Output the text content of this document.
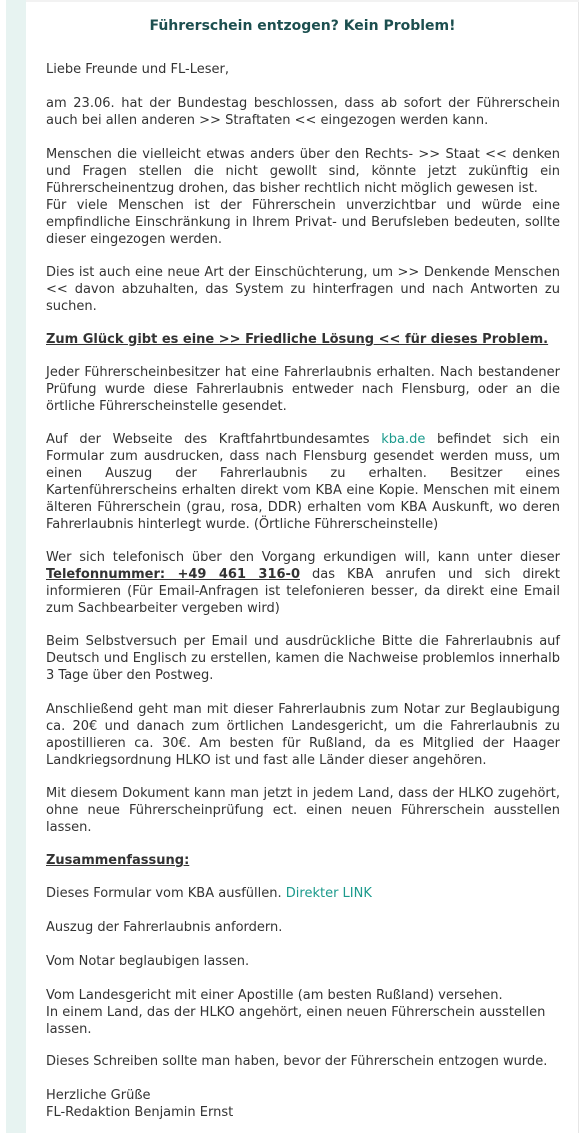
Führerschein entzogen? Kein Problem!

Liebe Freunde und FL-Leser,

am 23.06. hat der Bundestag beschlossen, dass ab sofort der Führerschein auch bei allen anderen >> Straftaten << eingezogen werden kann.

Menschen die vielleicht etwas anders über den Rechts- >> Staat << denken und Fragen stellen die nicht gewollt sind, könnte jetzt zukünftig ein Führerscheinentzug drohen, das bisher rechtlich nicht möglich gewesen ist.

Für viele Menschen ist der Führerschein unverzichtbar und würde eine empfindliche Einschränkung in Ihrem Privat- und Berufsleben bedeuten, sollte dieser eingezogen werden.

Dies ist auch eine neue Art der Einschüchterung, um >> Denkende Menschen << davon abzuhalten, das System zu hinterfragen und nach Antworten zu suchen.

Zum Glück gibt es eine >> Friedliche Lösung << für dieses Problem.

Jeder Führerscheinbesitzer hat eine Fahrerlaubnis erhalten. Nach bestandener Prüfung wurde diese Fahrerlaubnis entweder nach Flensburg, oder an die örtliche Führerscheinstelle gesendet.

Auf der Webseite des Kraftfahrtbundesamtes kba.de befindet sich ein Formular zum ausdrucken, dass nach Flensburg gesendet werden muss, um einen Auszug der Fahrerlaubnis zu erhalten. Besitzer eines Kartenführerscheins erhalten direkt vom KBA eine Kopie. Menschen mit einem älteren Führerschein (grau, rosa, DDR) erhalten vom KBA Auskunft, wo deren Fahrerlaubnis hinterlegt wurde. (Örtliche Führerscheinstelle)

Wer sich telefonisch über den Vorgang erkundigen will, kann unter dieser Telefonnummer: +49 461 316-0 das KBA anrufen und sich direkt informieren (Für Email-Anfragen ist telefonieren besser, da direkt eine Email zum Sachbearbeiter vergeben wird)

Beim Selbstversuch per Email und ausdrückliche Bitte die Fahrerlaubnis auf Deutsch und Englisch zu erstellen, kamen die Nachweise problemlos innerhalb 3 Tage über den Postweg.

Anschließend geht man mit dieser Fahrerlaubnis zum Notar zur Beglaubigung ca. 20€ und danach zum örtlichen Landesgericht, um die Fahrerlaubnis zu apostillieren ca. 30€. Am besten für Rußland, da es Mitglied der Haager Landkriegsordnung HLKO ist und fast alle Länder dieser angehören.

Mit diesem Dokument kann man jetzt in jedem Land, dass der HLKO zugehört, ohne neue Führerscheinprüfung ect. einen neuen Führerschein ausstellen lassen.

Zusammenfassung:

Dieses Formular vom KBA ausfüllen. Direkter LINK

Auszug der Fahrerlaubnis anfordern.

Vom Notar beglaubigen lassen.

Vom Landesgericht mit einer Apostille (am besten Rußland) versehen.

In einem Land, das der HLKO angehört, einen neuen Führerschein ausstellen lassen.

Dieses Schreiben sollte man haben, bevor der Führerschein entzogen wurde.

Herzliche Grüße

FL-Redaktion Benjamin Ernst
